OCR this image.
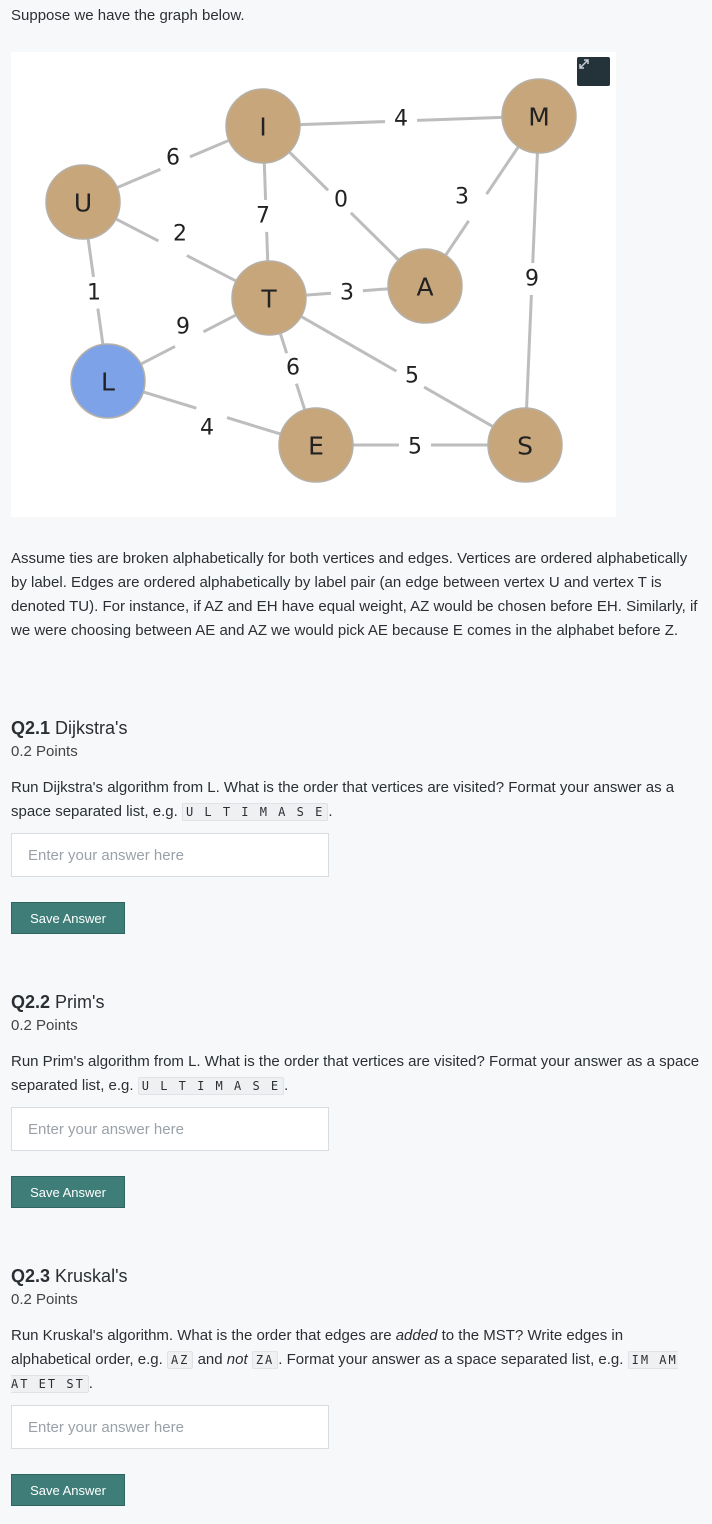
Suppose we have the graph below.
6
4
7
0	3
2
9
1	3
9
6	5
4
5
I	M
U
T	A
L
E	S

Assume ties are broken alphabetically for both vertices and edges. Vertices are ordered alphabetically by label. Edges are ordered alphabetically by label pair (an edge between vertex U and vertex T is denoted TU). For instance, if AZ and EH have equal weight, AZ would be chosen before EH. Similarly, if we were choosing between AE and AZ we would pick AE because E comes in the alphabet before Z.

Q2.1 Dijkstra's
0.2 Points

Run Dijkstra's algorithm from L. What is the order that vertices are visited? Format your answer as a space separated list, e.g. U L T I M A S E .

Enter your answer here
Save Answer
Q2.2 Prim's
0.2 Points

Run Prim's algorithm from L. What is the order that vertices are visited? Format your answer as a space separated list, e.g. U L T I M A S E .

Enter your answer here
Save Answer
Q2.3 Kruskal's
0.2 Points

Run Kruskal's algorithm. What is the order that edges are added to the MST? Write edges in alphabetical order, e.g. AZ and not ZA . Format your answer as a space separated list, e.g. IM AM AT ET ST .

Enter your answer here
Save Answer
